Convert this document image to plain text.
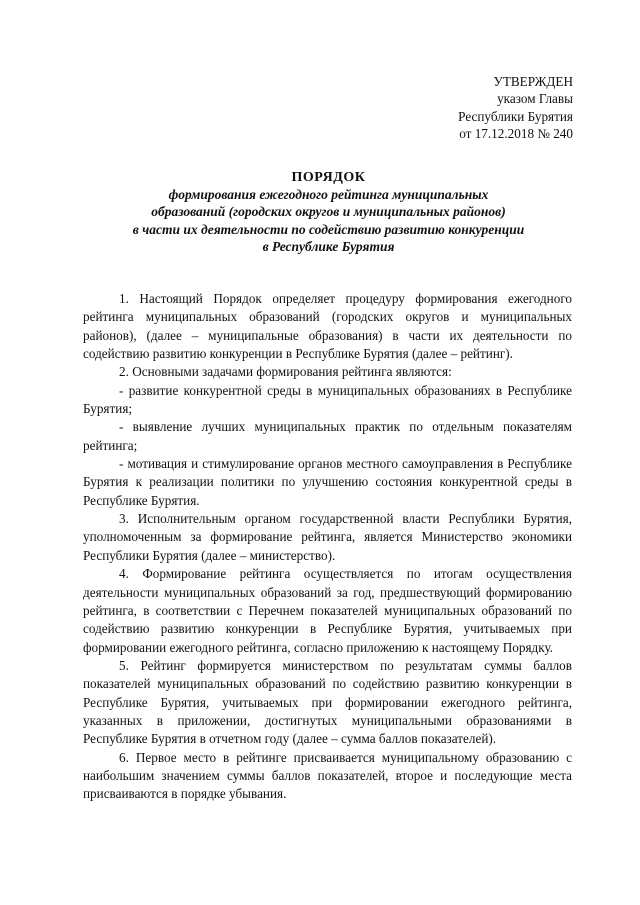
УТВЕРЖДЕН
указом Главы
Республики Бурятия
от 17.12.2018 № 240
ПОРЯДОК
формирования ежегодного рейтинга муниципальных
образований (городских округов и муниципальных районов)
в части их деятельности по содействию развитию конкуренции
в Республике Бурятия

1. Настоящий Порядок определяет процедуру формирования ежегодного рейтинга муниципальных образований (городских округов и муниципальных районов), (далее – муниципальные образования) в части их деятельности по содействию развитию конкуренции в Республике Бурятия (далее – рейтинг).

2. Основными задачами формирования рейтинга являются:

- развитие конкурентной среды в муниципальных образованиях в Республике Бурятия;

- выявление лучших муниципальных практик по отдельным показателям рейтинга;

- мотивация и стимулирование органов местного самоуправления в Республике Бурятия к реализации политики по улучшению состояния конкурентной среды в Республике Бурятия.

3. Исполнительным органом государственной власти Республики Бурятия, уполномоченным за формирование рейтинга, является Министерство экономики Республики Бурятия (далее – министерство).

4. Формирование рейтинга осуществляется по итогам осуществления деятельности муниципальных образований за год, предшествующий формированию рейтинга, в соответствии с Перечнем показателей муниципальных образований по содействию развитию конкуренции в Республике Бурятия, учитываемых при формировании ежегодного рейтинга, согласно приложению к настоящему Порядку.

5. Рейтинг формируется министерством по результатам суммы баллов показателей муниципальных образований по содействию развитию конкуренции в Республике Бурятия, учитываемых при формировании ежегодного рейтинга, указанных в приложении, достигнутых муниципальными образованиями в Республике Бурятия в отчетном году (далее – сумма баллов показателей).

6. Первое место в рейтинге присваивается муниципальному образованию с наибольшим значением суммы баллов показателей, второе и последующие места присваиваются в порядке убывания.
